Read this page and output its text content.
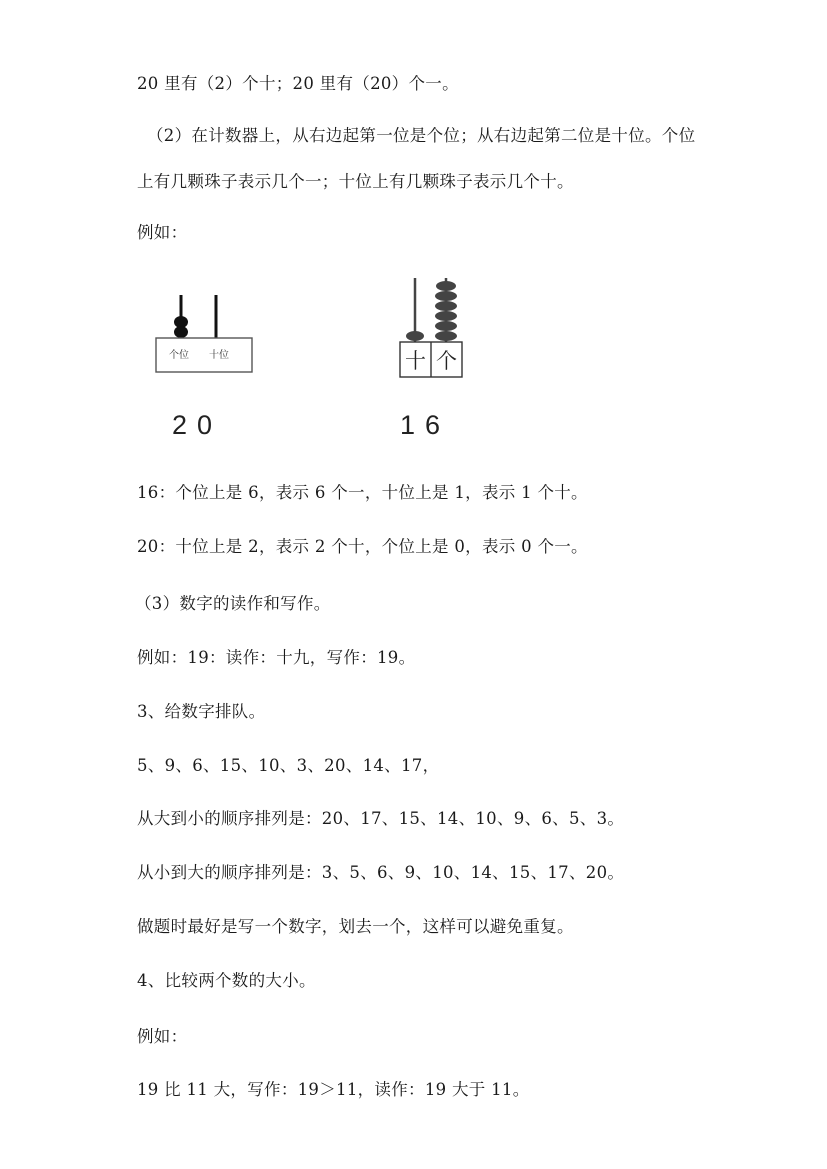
20 里有（2）个十；20 里有（20）个一。
（2）在计数器上，从右边起第一位是个位；从右边起第二位是十位。个位
上有几颗珠子表示几个一；十位上有几颗珠子表示几个十。
例如：
个位 十位
20
十 个
16
16：个位上是 6，表示 6 个一，十位上是 1，表示 1 个十。
20：十位上是 2，表示 2 个十，个位上是 0，表示 0 个一。
（3）数字的读作和写作。
例如：19：读作：十九，写作：19。
3、给数字排队。
5、9、6、15、10、3、20、14、17，
从大到小的顺序排列是：20、17、15、14、10、9、6、5、3。
从小到大的顺序排列是：3、5、6、9、10、14、15、17、20。
做题时最好是写一个数字，划去一个，这样可以避免重复。
4、比较两个数的大小。
例如：
19 比 11 大，写作：19＞11，读作：19 大于 11。
